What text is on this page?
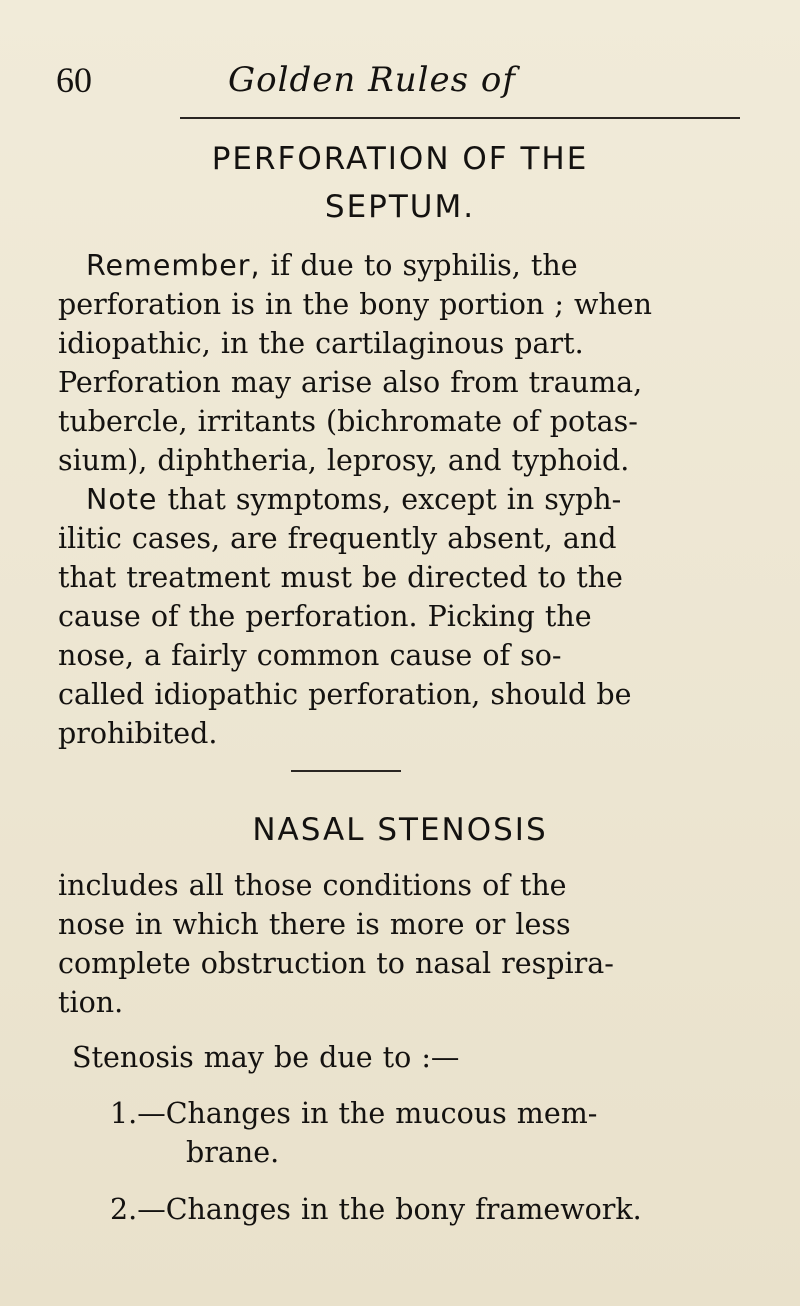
60	Golden Rules of
PERFORATION OF THE
SEPTUM.
Remember, if due to syphilis, the
perforation is in the bony portion ; when
idiopathic, in the cartilaginous part.
Perforation may arise also from trauma,
tubercle, irritants (bichromate of potas-
sium), diphtheria, leprosy, and typhoid.
Note that symptoms, except in syph-
ilitic cases, are frequently absent, and
that treatment must be directed to the
cause of the perforation. Picking the
nose, a fairly common cause of so-
called idiopathic perforation, should be
prohibited.
NASAL STENOSIS
includes all those conditions of the
nose in which there is more or less
complete obstruction to nasal respira-
tion.
Stenosis may be due to :—
1.—Changes in the mucous mem-
brane.
2.—Changes in the bony framework.
